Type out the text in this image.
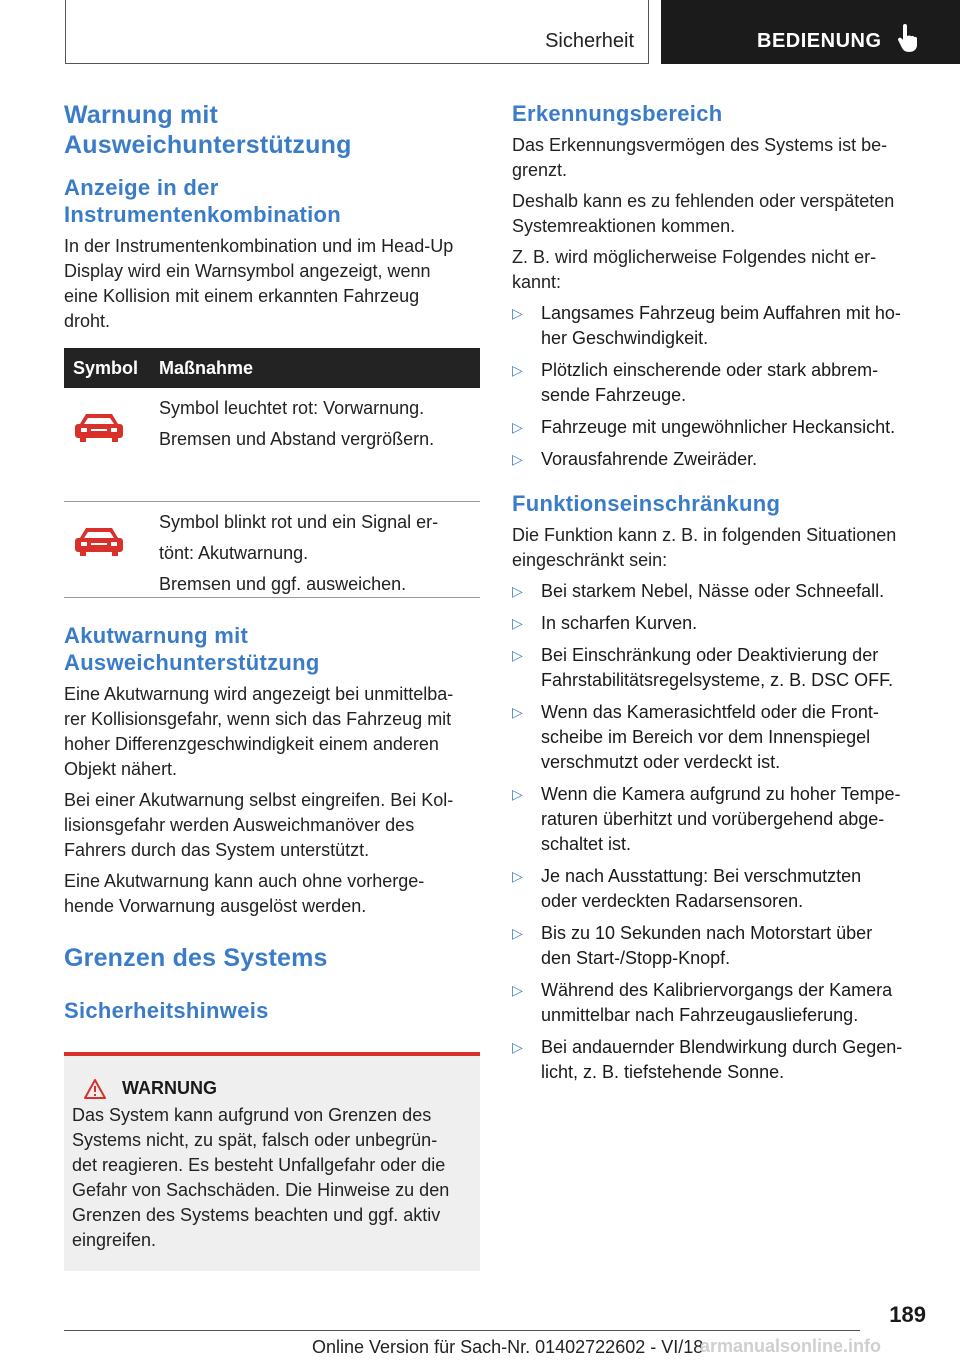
Sicherheit	BEDIENUNG
Warnung mit
Ausweichunterstützung
Anzeige in der
Instrumentenkombination

In der Instrumentenkombination und im Head-Up
Display wird ein Warnsymbol angezeigt, wenn
eine Kollision mit einem erkannten Fahrzeug
droht.

Symbol Maßnahme

Symbol leuchtet rot: Vorwarnung.

Bremsen und Abstand vergrößern.

Symbol blinkt rot und ein Signal er-

tönt: Akutwarnung.

Bremsen und ggf. ausweichen.

Akutwarnung mit
Ausweichunterstützung

Eine Akutwarnung wird angezeigt bei unmittelba-
rer Kollisionsgefahr, wenn sich das Fahrzeug mit
hoher Differenzgeschwindigkeit einem anderen
Objekt nähert.

Bei einer Akutwarnung selbst eingreifen. Bei Kol-
lisionsgefahr werden Ausweichmanöver des
Fahrers durch das System unterstützt.

Eine Akutwarnung kann auch ohne vorherge-
hende Vorwarnung ausgelöst werden.

Grenzen des Systems
Sicherheitshinweis
WARNUNG

Das System kann aufgrund von Grenzen des
Systems nicht, zu spät, falsch oder unbegrün-
det reagieren. Es besteht Unfallgefahr oder die
Gefahr von Sachschäden. Die Hinweise zu den
Grenzen des Systems beachten und ggf. aktiv
eingreifen.

Erkennungsbereich

Das Erkennungsvermögen des Systems ist be-
grenzt.

Deshalb kann es zu fehlenden oder verspäteten
Systemreaktionen kommen.

Z. B. wird möglicherweise Folgendes nicht er-
kannt:

▷ Langsames Fahrzeug beim Auffahren mit ho-
her Geschwindigkeit.
▷ Plötzlich einscherende oder stark abbrem-
sende Fahrzeuge.
▷ Fahrzeuge mit ungewöhnlicher Heckansicht.
▷ Vorausfahrende Zweiräder.
Funktionseinschränkung

Die Funktion kann z. B. in folgenden Situationen
eingeschränkt sein:

▷ Bei starkem Nebel, Nässe oder Schneefall.
▷ In scharfen Kurven.
▷ Bei Einschränkung oder Deaktivierung der
Fahrstabilitätsregelsysteme, z. B. DSC OFF.
▷ Wenn das Kamerasichtfeld oder die Front-
scheibe im Bereich vor dem Innenspiegel
verschmutzt oder verdeckt ist.
▷ Wenn die Kamera aufgrund zu hoher Tempe-
raturen überhitzt und vorübergehend abge-
schaltet ist.
▷ Je nach Ausstattung: Bei verschmutzten
oder verdeckten Radarsensoren.
▷ Bis zu 10 Sekunden nach Motorstart über
den Start-/Stopp-Knopf.
▷ Während des Kalibriervorgangs der Kamera
unmittelbar nach Fahrzeugauslieferung.
▷ Bei andauernder Blendwirkung durch Gegen-
licht, z. B. tiefstehende Sonne.
189
Online Version für Sach-Nr. 01402722602 - VI/18
armanualsonline.info
